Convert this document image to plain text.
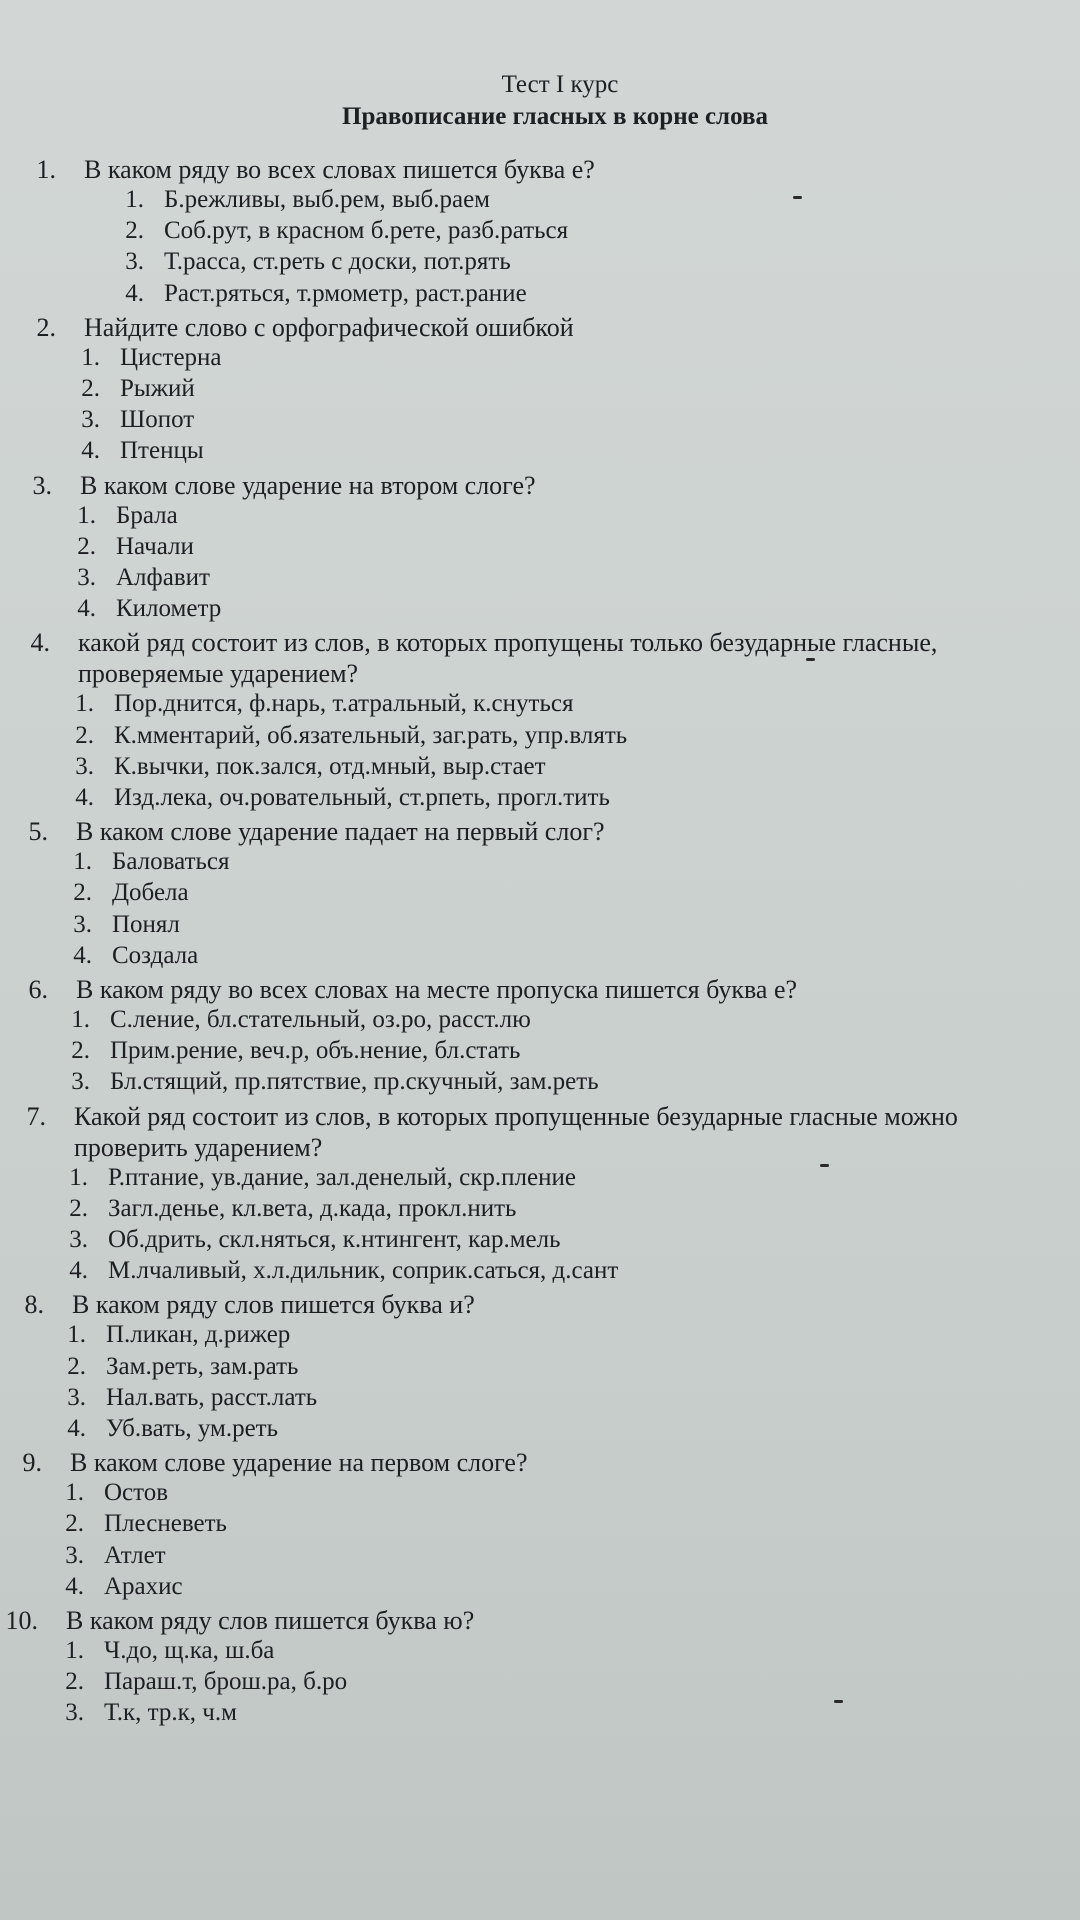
Тест I курс
Правописание гласных в корне слова
1. В каком ряду во всех словах пишется буква е?
1. Б.режливы, выб.рем, выб.раем
2. Соб.рут, в красном б.рете, разб.раться
3. Т.расса, ст.реть с доски, пот.рять
4. Раст.ряться, т.рмометр, раст.рание
2. Найдите слово с орфографической ошибкой
1. Цистерна
2. Рыжий
3. Шопот
4. Птенцы
3. В каком слове ударение на втором слоге?
1. Брала
2. Начали
3. Алфавит
4. Километр
4. какой ряд состоит из слов, в которых пропущены только безударные гласные,
проверяемые ударением?
1. Пор.днится, ф.нарь, т.атральный, к.снуться
2. К.мментарий, об.язательный, заг.рать, упр.влять
3. К.вычки, пок.зался, отд.мный, выр.стает
4. Изд.лека, оч.ровательный, ст.рпеть, прогл.тить
5. В каком слове ударение падает на первый слог?
1. Баловаться
2. Добела
3. Понял
4. Создала
6. В каком ряду во всех словах на месте пропуска пишется буква е?
1. С.ление, бл.стательный, оз.ро, расст.лю
2. Прим.рение, веч.р, объ.нение, бл.стать
3. Бл.стящий, пр.пятствие, пр.скучный, зам.реть
7. Какой ряд состоит из слов, в которых пропущенные безударные гласные можно
проверить ударением?
1. Р.птание, ув.дание, зал.денелый, скр.пление
2. Загл.денье, кл.вета, д.када, прокл.нить
3. Об.дрить, скл.няться, к.нтингент, кар.мель
4. М.лчаливый, х.л.дильник, соприк.саться, д.сант
8. В каком ряду слов пишется буква и?
1. П.ликан, д.рижер
2. Зам.реть, зам.рать
3. Нал.вать, расст.лать
4. Уб.вать, ум.реть
9. В каком слове ударение на первом слоге?
1. Остов
2. Плесневеть
3. Атлет
4. Арахис
10. В каком ряду слов пишется буква ю?
1. Ч.до, щ.ка, ш.ба
2. Параш.т, брош.ра, б.ро
3. Т.к, тр.к, ч.м
